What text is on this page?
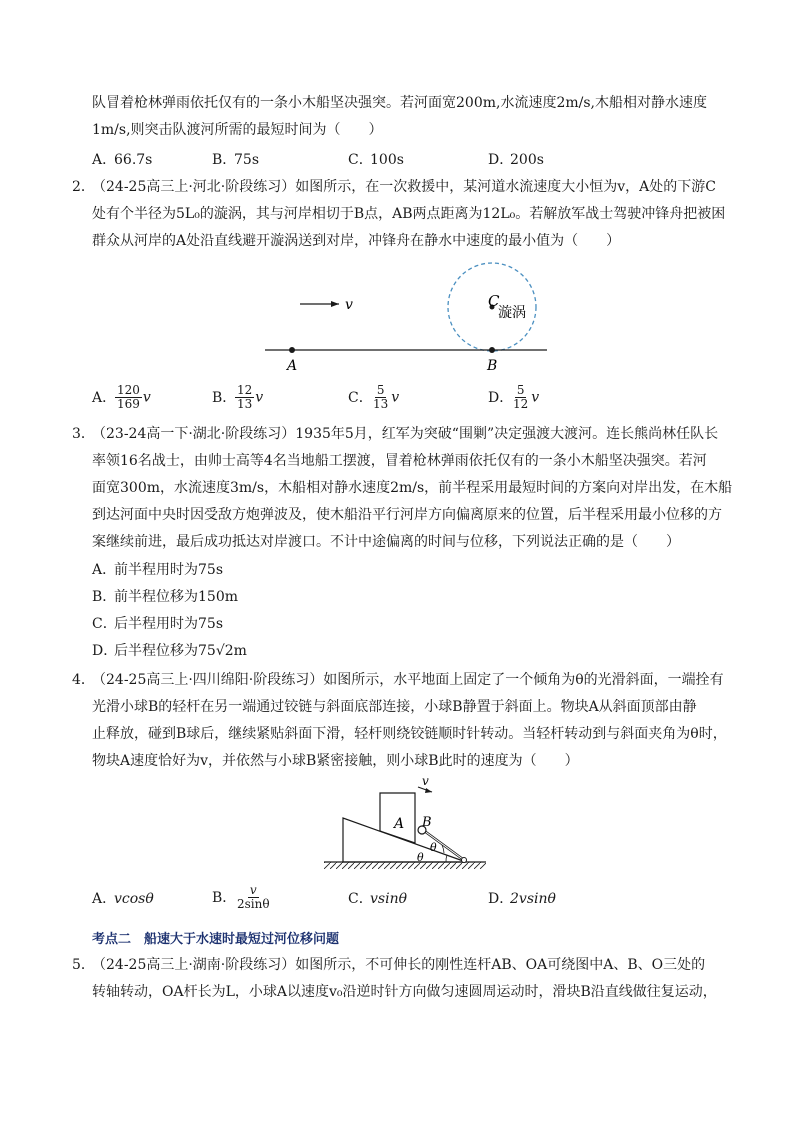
队冒着枪林弹雨依托仅有的一条小木船坚决强突。若河面宽200m,水流速度2m/s,木船相对静水速度
1m/s,则突击队渡河所需的最短时间为（　　）
A．66.7s	B．75s	C．100s	D．200s
2．
（24-25高三上·河北·阶段练习）如图所示，在一次救援中，某河道水流速度大小恒为v，A处的下游C
处有个半径为5L₀的漩涡，其与河岸相切于B点，AB两点距离为12L₀。若解放军战士驾驶冲锋舟把被困
群众从河岸的A处沿直线避开漩涡送到对岸，冲锋舟在静水中速度的最小值为（　　）
v	C
漩涡
A	B
A．
$\frac{120}{169}$ v	B．
$\frac{12}{13}$ v	C．
$\frac{5}{13}$ v	D．
$\frac{5}{12}$ v
3．
（23-24高一下·湖北·阶段练习）1935年5月，红军为突破“围剿”决定强渡大渡河。连长熊尚林任队长
率领16名战士，由帅士高等4名当地船工摆渡，冒着枪林弹雨依托仅有的一条小木船坚决强突。若河
面宽300m，水流速度3m/s，木船相对静水速度2m/s，前半程采用最短时间的方案向对岸出发，在木船
到达河面中央时因受敌方炮弹波及，使木船沿平行河岸方向偏离原来的位置，后半程采用最小位移的方
案继续前进，最后成功抵达对岸渡口。不计中途偏离的时间与位移，下列说法正确的是（　　）
A．前半程用时为75s
B．前半程位移为150m
C．后半程用时为75s
D．后半程位移为75√2m
4．
（24-25高三上·四川绵阳·阶段练习）如图所示，水平地面上固定了一个倾角为θ的光滑斜面，一端拴有
光滑小球B的轻杆在另一端通过铰链与斜面底部连接，小球B静置于斜面上。物块A从斜面顶部由静
止释放，碰到B球后，继续紧贴斜面下滑，轻杆则绕铰链顺时针转动。当轻杆转动到与斜面夹角为θ时，
物块A速度恰好为v，并依然与小球B紧密接触，则小球B此时的速度为（　　）
A B
v
θ
θ
A．vcosθ	B．
$\frac{v}{2\sin\theta}$	C．vsinθ	D．2vsinθ
考点二　船速大于水速时最短过河位移问题
5．
（24-25高三上·湖南·阶段练习）如图所示，不可伸长的刚性连杆AB、OA可绕图中A、B、O三处的
转轴转动，OA杆长为L，小球A以速度v₀沿逆时针方向做匀速圆周运动时，滑块B沿直线做往复运动，
